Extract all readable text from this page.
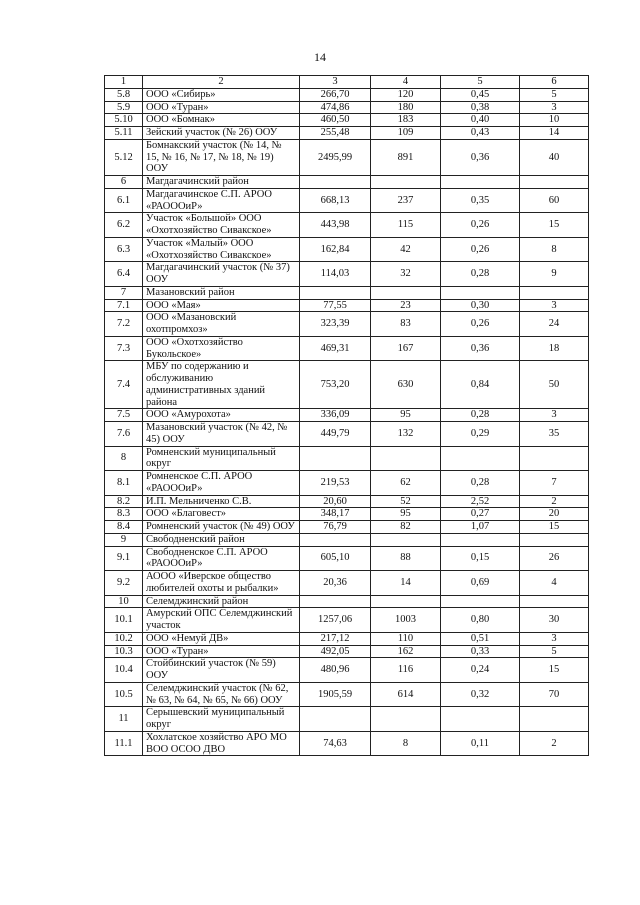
14
1	2	3	4	5	6
5.8	ООО «Сибирь»	266,70	120	0,45	5
5.9	ООО «Туран»	474,86	180	0,38	3
5.10	ООО «Бомнак»	460,50	183	0,40	10
5.11	Зейский участок (№ 26) ООУ	255,48	109	0,43	14
5.12	Бомнакский участок (№ 14, № 15, № 16, № 17, № 18, № 19) ООУ	2495,99	891	0,36	40
6	Магдагачинский район				
6.1	Магдагачинское С.П. АРОО «РАОООиР»	668,13	237	0,35	60
6.2	Участок «Большой» ООО «Охотхозяйство Сивакское»	443,98	115	0,26	15
6.3	Участок «Малый» ООО «Охотхозяйство Сивакское»	162,84	42	0,26	8
6.4	Магдагачинский участок (№ 37) ООУ	114,03	32	0,28	9
7	Мазановский район				
7.1	ООО «Мая»	77,55	23	0,30	3
7.2	ООО «Мазановский охотпромхоз»	323,39	83	0,26	24
7.3	ООО «Охотхозяйство Букольское»	469,31	167	0,36	18
7.4	МБУ по содержанию и обслуживанию административных зданий района	753,20	630	0,84	50
7.5	ООО «Амурохота»	336,09	95	0,28	3
7.6	Мазановский участок (№ 42, № 45) ООУ	449,79	132	0,29	35
8	Ромненский муниципальный округ				
8.1	Ромненское С.П. АРОО «РАОООиР»	219,53	62	0,28	7
8.2	И.П. Мельниченко С.В.	20,60	52	2,52	2
8.3	ООО «Благовест»	348,17	95	0,27	20
8.4	Ромненский участок (№ 49) ООУ	76,79	82	1,07	15
9	Свободненский район				
9.1	Свободненское С.П. АРОО «РАОООиР»	605,10	88	0,15	26
9.2	АООО «Иверское общество любителей охоты и рыбалки»	20,36	14	0,69	4
10	Селемджинский район				
10.1	Амурский ОПС Селемджинский участок	1257,06	1003	0,80	30
10.2	ООО «Немуй ДВ»	217,12	110	0,51	3
10.3	ООО «Туран»	492,05	162	0,33	5
10.4	Стойбинский участок (№ 59) ООУ	480,96	116	0,24	15
10.5	Селемджинский участок (№ 62, № 63, № 64, № 65, № 66) ООУ	1905,59	614	0,32	70
11	Серышевский муниципальный округ				
11.1	Хохлатское хозяйство АРО МО ВОО ОСОО ДВО	74,63	8	0,11	2
